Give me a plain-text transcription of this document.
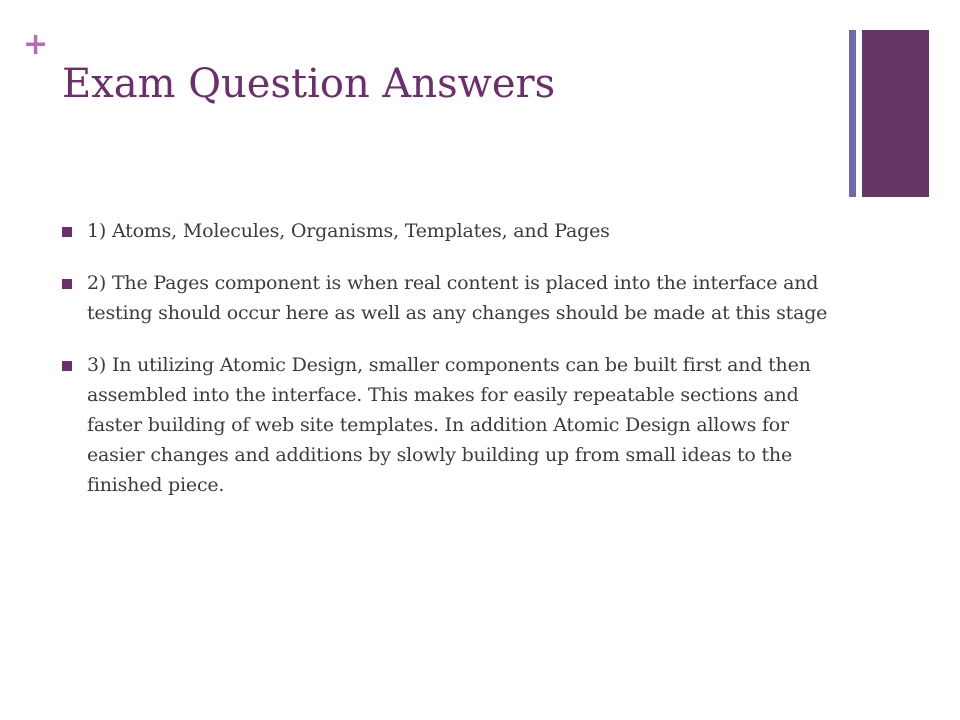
+
Exam Question Answers
1) Atoms, Molecules, Organisms, Templates, and Pages
2) The Pages component is when real content is placed into the interface and testing should occur here as well as any changes should be made at this stage
3) In utilizing Atomic Design, smaller components can be built first and then assembled into the interface. This makes for easily repeatable sections and faster building of web site templates. In addition Atomic Design allows for easier changes and additions by slowly building up from small ideas to the finished piece.
